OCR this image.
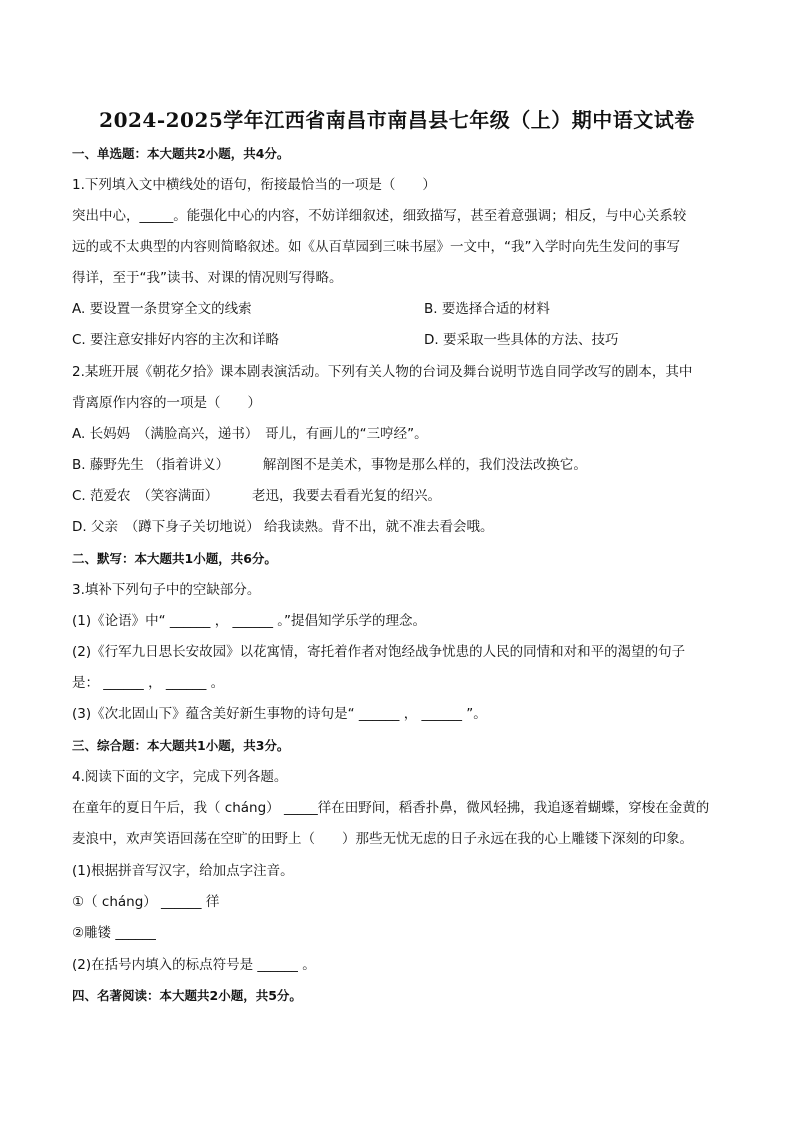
2024-2025学年江西省南昌市南昌县七年级（上）期中语文试卷
一、单选题：本大题共2小题，共4分。
1.下列填入文中横线处的语句，衔接最恰当的一项是（　　）
突出中心，_____。能强化中心的内容，不妨详细叙述，细致描写，甚至着意强调；相反，与中心关系较
远的或不太典型的内容则简略叙述。如《从百草园到三味书屋》一文中，“我”入学时向先生发问的事写
得详，至于“我”读书、对课的情况则写得略。
A. 要设置一条贯穿全文的线索	B. 要选择合适的材料
C. 要注意安排好内容的主次和详略	D. 要采取一些具体的方法、技巧
2.某班开展《朝花夕拾》课本剧表演活动。下列有关人物的台词及舞台说明节选自同学改写的剧本，其中
背离原作内容的一项是（　　）
A. 长妈妈　（满脸高兴，递书）　哥儿，有画儿的“三哼经”。
B. 藤野先生 （指着讲义）　　　解剖图不是美术，事物是那么样的，我们没法改换它。
C. 范爱农　（笑容满面）　　　老迅，我要去看看光复的绍兴。
D. 父亲　（蹲下身子关切地说） 给我读熟。背不出，就不准去看会哦。
二、默写：本大题共1小题，共6分。
3.填补下列句子中的空缺部分。
(1)《论语》中“ ______ ， ______ 。”提倡知学乐学的理念。
(2)《行军九日思长安故园》以花寓情，寄托着作者对饱经战争忧患的人民的同情和对和平的渴望的句子
是： ______ ， ______ 。
(3)《次北固山下》蕴含美好新生事物的诗句是“ ______ ， ______ ”。
三、综合题：本大题共1小题，共3分。
4.阅读下面的文字，完成下列各题。
在童年的夏日午后，我（ cháng） _____徉在田野间，稻香扑鼻，微风轻拂，我追逐着蝴蝶，穿梭在金黄的
麦浪中，欢声笑语回荡在空旷的田野上（　　）那些无忧无虑的日子永远在我的心上雕镂下深刻的印象。
(1)根据拼音写汉字，给加点字注音。
①（ cháng） ______ 徉
②雕镂 ______
(2)在括号内填入的标点符号是 ______ 。
四、名著阅读：本大题共2小题，共5分。
